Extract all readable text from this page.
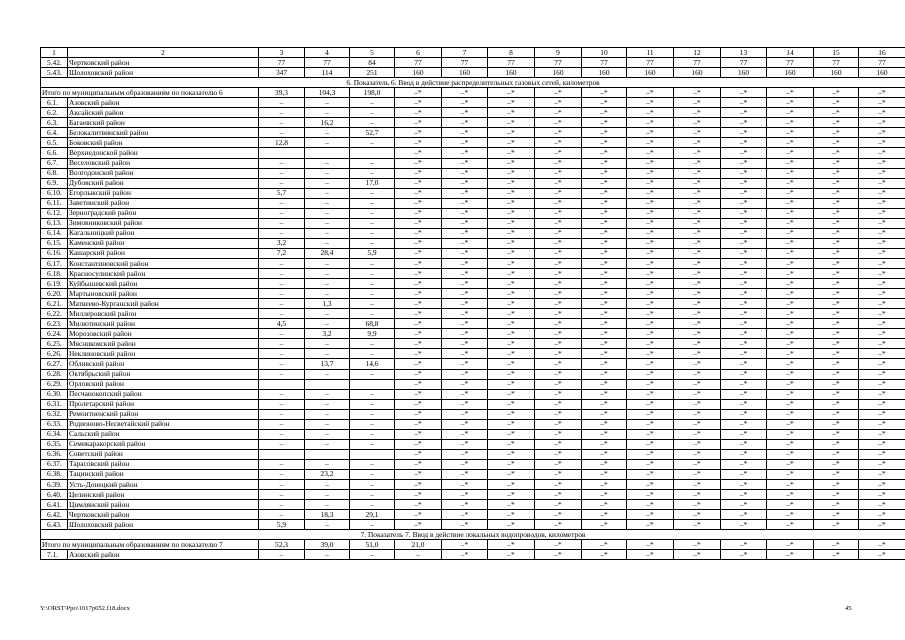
1	2	3	4	5	6	7	8	9	10	11	12	13	14	15	16
5.42.	Чертковский район	77	77	84	77	77	77	77	77	77	77	77	77	77	77
5.43.	Шолоховский район	347	114	251	160	160	160	160	160	160	160	160	160	160	160
6. Показатель 6. Ввод в действие распределительных газовых сетей, километров															
Итого по муниципальным образованиям по показателю 6		39,3	104,3	198,0	–*	–*	–*	–*	–*	–*	–*	–*	–*	–*	–*
6.1.	Азовский район	–	–	–	–*	–*	–*	–*	–*	–*	–*	–*	–*	–*	–*
6.2.	Аксайский район	–	–	–	–*	–*	–*	–*	–*	–*	–*	–*	–*	–*	–*
6.3.	Багаевский район	–	16,2	–	–*	–*	–*	–*	–*	–*	–*	–*	–*	–*	–*
6.4.	Белокалитвинский район	–	–	52,7	–*	–*	–*	–*	–*	–*	–*	–*	–*	–*	–*
6.5.	Боковский район	12,8	–	–	–*	–*	–*	–*	–*	–*	–*	–*	–*	–*	–*
6.6.	Верхнедонской район				–*	–*	–*	–*	–*	–*	–*	–*	–*	–*	–*
6.7.	Веселовский район	–	–	–	–*	–*	–*	–*	–*	–*	–*	–*	–*	–*	–*
6.8.	Волгодонской район	–	–	–	–*	–*	–*	–*	–*	–*	–*	–*	–*	–*	–*
6.9.	Дубовский район	–	–	17,0	–*	–*	–*	–*	–*	–*	–*	–*	–*	–*	–*
6.10.	Егорлыкский район	5,7	–	–	–*	–*	–*	–*	–*	–*	–*	–*	–*	–*	–*
6.11.	Заветинский район	–	–	–	–*	–*	–*	–*	–*	–*	–*	–*	–*	–*	–*
6.12.	Зерноградский район	–	–	–	–*	–*	–*	–*	–*	–*	–*	–*	–*	–*	–*
6.13.	Зимовниковский район	–	–	–	–*	–*	–*	–*	–*	–*	–*	–*	–*	–*	–*
6.14.	Кагальницкий район	–	–	–	–*	–*	–*	–*	–*	–*	–*	–*	–*	–*	–*
6.15.	Каменский район	3,2	–	–	–*	–*	–*	–*	–*	–*	–*	–*	–*	–*	–*
6.16.	Кашарский район	7,2	28,4	5,9	–*	–*	–*	–*	–*	–*	–*	–*	–*	–*	–*
6.17.	Константиновский район	–	–	–	–*	–*	–*	–*	–*	–*	–*	–*	–*	–*	–*
6.18.	Красносулинский район	–	–	–	–*	–*	–*	–*	–*	–*	–*	–*	–*	–*	–*
6.19.	Куйбышевский район	–	–	–	–*	–*	–*	–*	–*	–*	–*	–*	–*	–*	–*
6.20.	Мартыновский район	–	–	–	–*	–*	–*	–*	–*	–*	–*	–*	–*	–*	–*
6.21.	Матвеево-Курганский район	–	1,3	–	–*	–*	–*	–*	–*	–*	–*	–*	–*	–*	–*
6.22.	Миллеровский район	–	–	–	–*	–*	–*	–*	–*	–*	–*	–*	–*	–*	–*
6.23.	Милютинский район	4,5	–	68,8	–*	–*	–*	–*	–*	–*	–*	–*	–*	–*	–*
6.24.	Морозовский район	–	3,2	9,9	–*	–*	–*	–*	–*	–*	–*	–*	–*	–*	–*
6.25.	Мясниковский район	–	–	–	–*	–*	–*	–*	–*	–*	–*	–*	–*	–*	–*
6.26.	Неклиновский район	–	–	–	–*	–*	–*	–*	–*	–*	–*	–*	–*	–*	–*
6.27.	Обливский район	–	13,7	14,6	–*	–*	–*	–*	–*	–*	–*	–*	–*	–*	–*
6.28.	Октябрьский район	–	–	–	–*	–*	–*	–*	–*	–*	–*	–*	–*	–*	–*
6.29.	Орловский район				–*	–*	–*	–*	–*	–*	–*	–*	–*	–*	–*
6.30.	Песчанокопский район	–	–	–	–*	–*	–*	–*	–*	–*	–*	–*	–*	–*	–*
6.31.	Пролетарский район	–	–	–	–*	–*	–*	–*	–*	–*	–*	–*	–*	–*	–*
6.32.	Ремонтненский район	–	–	–	–*	–*	–*	–*	–*	–*	–*	–*	–*	–*	–*
6.33.	Родионово-Несветайский район	–	–	–	–*	–*	–*	–*	–*	–*	–*	–*	–*	–*	–*
6.34.	Сальский район	–	–	–	–*	–*	–*	–*	–*	–*	–*	–*	–*	–*	–*
6.35.	Семикаракорский район	–	–	–	–*	–*	–*	–*	–*	–*	–*	–*	–*	–*	–*
6.36.	Советский район				–*	–*	–*	–*	–*	–*	–*	–*	–*	–*	–*
6.37.	Тарасовский район	–	–	–	–*	–*	–*	–*	–*	–*	–*	–*	–*	–*	–*
6.38.	Тацинский район	–	23,2	–	–*	–*	–*	–*	–*	–*	–*	–*	–*	–*	–*
6.39.	Усть-Донецкий район	–	–	–	–*	–*	–*	–*	–*	–*	–*	–*	–*	–*	–*
6.40.	Целинский район	–	–	–	–*	–*	–*	–*	–*	–*	–*	–*	–*	–*	–*
6.41.	Цимлянский район	–	–	–	–*	–*	–*	–*	–*	–*	–*	–*	–*	–*	–*
6.42.	Чертковский район	–	18,3	29,1	–*	–*	–*	–*	–*	–*	–*	–*	–*	–*	–*
6.43.	Шолоховский район	5,9	–	–	–*	–*	–*	–*	–*	–*	–*	–*	–*	–*	–*
7. Показатель 7. Ввод в действие локальных водопроводов, километров															
Итого по муниципальным образованиям по показателю 7		52,3	39,0	51,0	21,0	–*	–*	–*	–*	–*	–*	–*	–*	–*	–*
7.1.	Азовский район	–	–	–	–	–*	–*	–*	–*	–*	–*	–*	–*	–*	–*
Y:\ORST\Ppo\1017p652.f18.docx	45
